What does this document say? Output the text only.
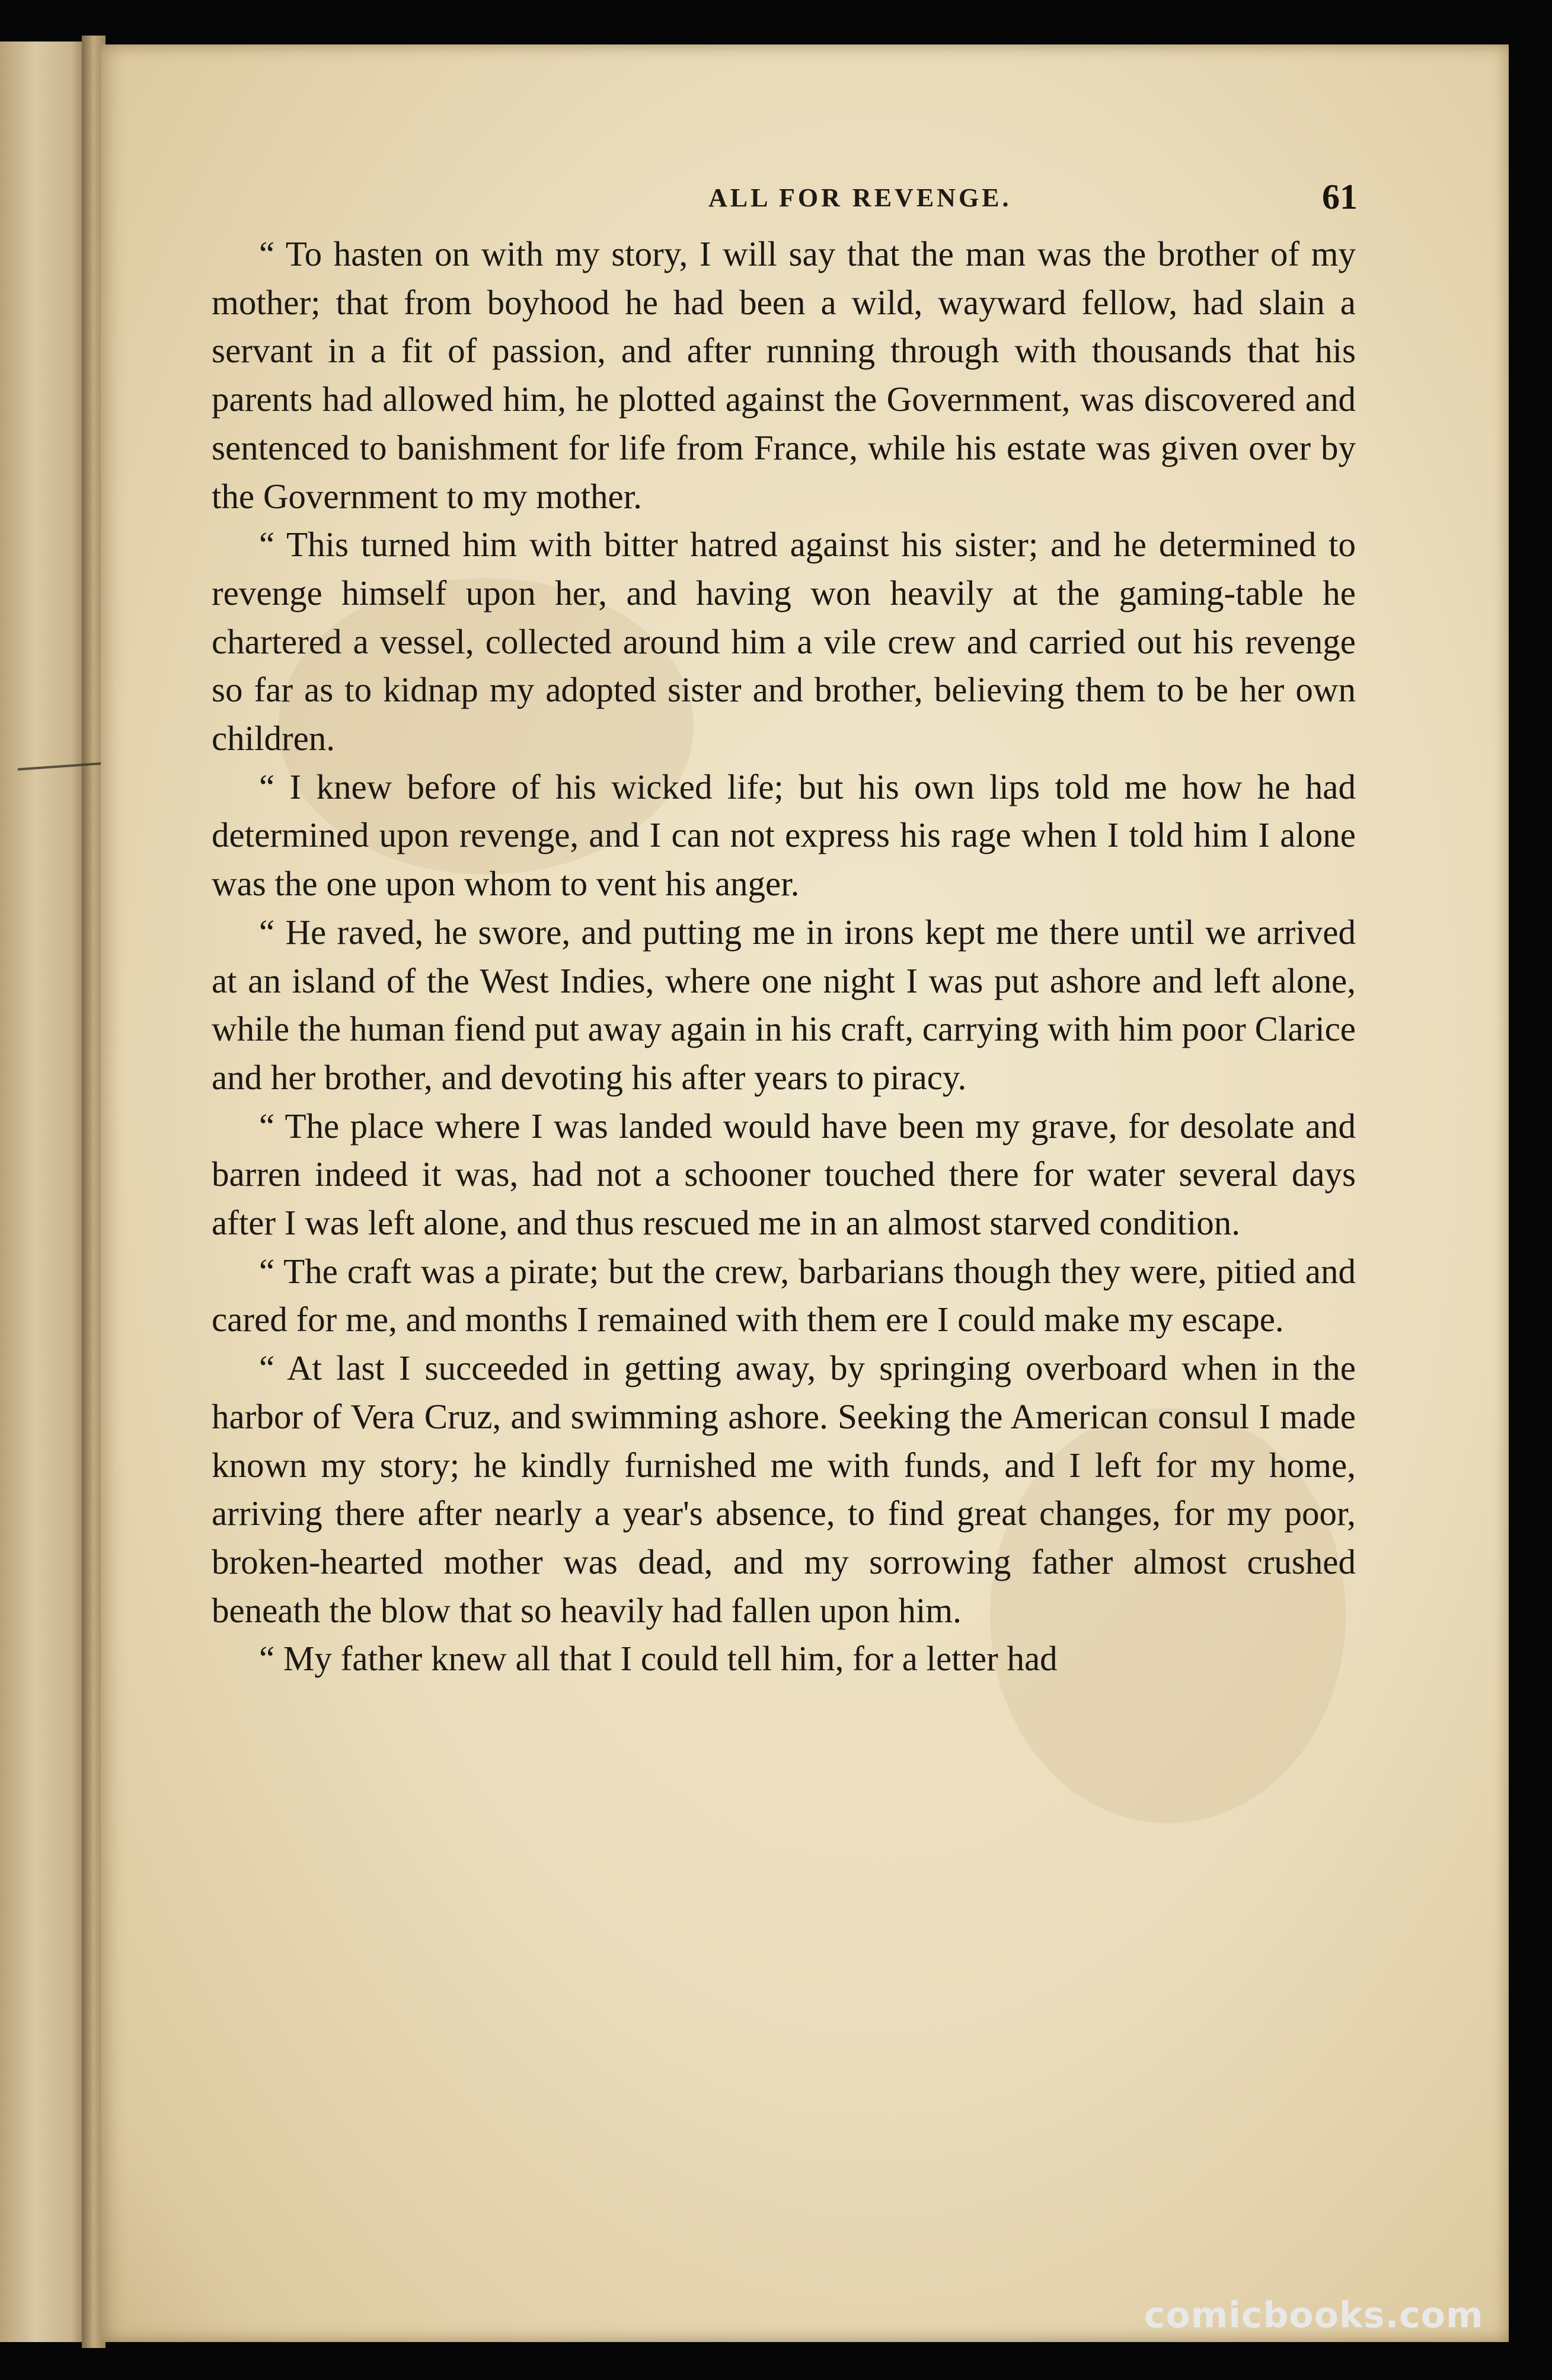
ALL FOR REVENGE.	61

“ To hasten on with my story, I will say that the man was the brother of my mother; that from boyhood he had been a wild, wayward fellow, had slain a servant in a fit of passion, and after running through with thousands that his parents had allowed him, he plotted against the Government, was discovered and sentenced to banishment for life from France, while his estate was given over by the Government to my mother.

“ This turned him with bitter hatred against his sister; and he determined to revenge himself upon her, and having won heavily at the gaming-table he chartered a vessel, collected around him a vile crew and carried out his revenge so far as to kidnap my adopted sister and brother, believing them to be her own children.

“ I knew before of his wicked life; but his own lips told me how he had determined upon revenge, and I can not express his rage when I told him I alone was the one upon whom to vent his anger.

“ He raved, he swore, and putting me in irons kept me there until we arrived at an island of the West Indies, where one night I was put ashore and left alone, while the human fiend put away again in his craft, carrying with him poor Clarice and her brother, and devoting his after years to piracy.

“ The place where I was landed would have been my grave, for desolate and barren indeed it was, had not a schooner touched there for water several days after I was left alone, and thus rescued me in an almost starved condition.

“ The craft was a pirate; but the crew, barbarians though they were, pitied and cared for me, and months I remained with them ere I could make my escape.

“ At last I succeeded in getting away, by springing overboard when in the harbor of Vera Cruz, and swimming ashore. Seeking the American consul I made known my story; he kindly furnished me with funds, and I left for my home, arriving there after nearly a year's absence, to find great changes, for my poor, broken-hearted mother was dead, and my sorrowing father almost crushed beneath the blow that so heavily had fallen upon him.

“ My father knew all that I could tell him, for a letter had

comicbooks.com
